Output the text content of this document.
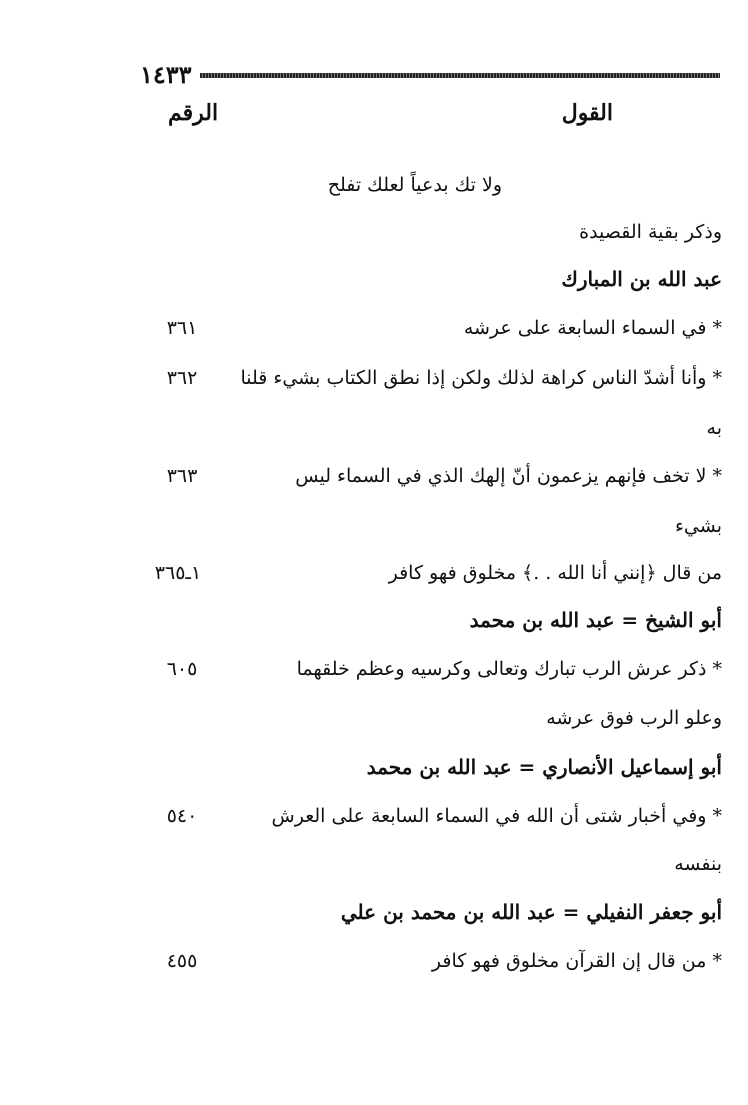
١٤٣٣
القول
الرقم
ولا تك بدعياً لعلك تفلح
وذكر بقية القصيدة
عبد الله بن المبارك
* في السماء السابعة على عرشه
٣٦١
* وأنا أشدّ الناس كراهة لذلك ولكن إذا نطق الكتاب بشيء قلنا
٣٦٢
به
* لا تخف فإنهم يزعمون أنّ إلهك الذي في السماء ليس
٣٦٣
بشيء
من قال ﴿إنني أنا الله . .﴾ مخلوق فهو كافر
١ـ٣٦٥
أبو الشيخ = عبد الله بن محمد
* ذكر عرش الرب تبارك وتعالى وكرسيه وعظم خلقهما
٦٠٥
وعلو الرب فوق عرشه
أبو إسماعيل الأنصاري = عبد الله بن محمد
* وفي أخبار شتى أن الله في السماء السابعة على العرش
٥٤٠
بنفسه
أبو جعفر النفيلي = عبد الله بن محمد بن علي
* من قال إن القرآن مخلوق فهو كافر
٤٥٥
